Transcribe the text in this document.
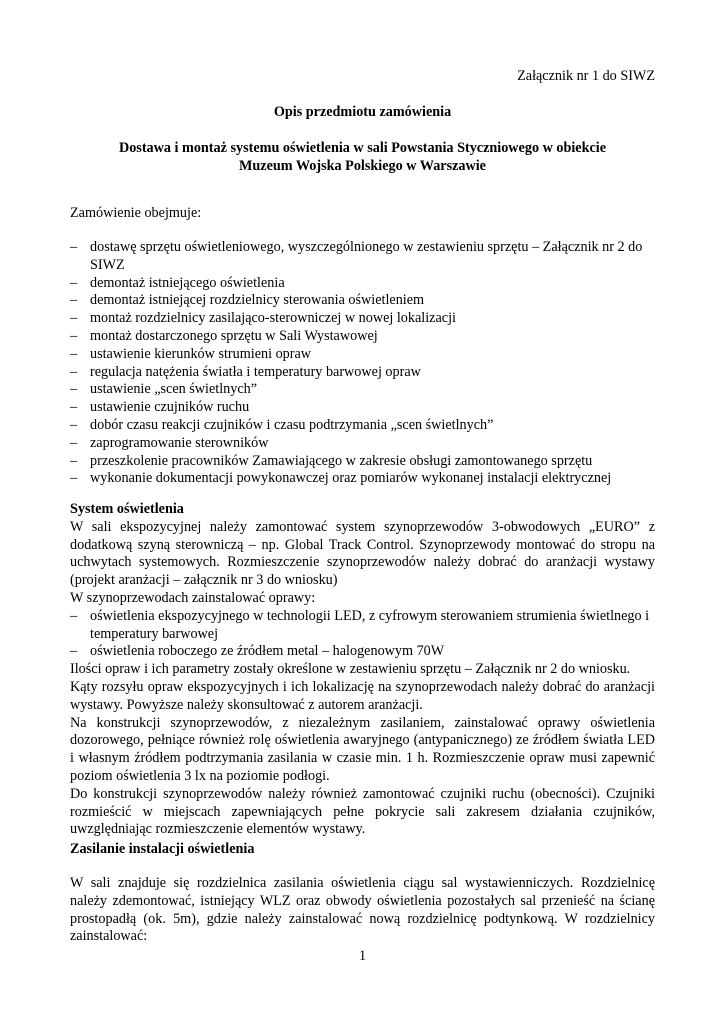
Załącznik nr 1 do SIWZ
Opis przedmiotu zamówienia
Dostawa i montaż systemu oświetlenia w sali Powstania Styczniowego w obiekcie
Muzeum Wojska Polskiego w Warszawie
Zamówienie obejmuje:
– dostawę sprzętu oświetleniowego, wyszczególnionego w zestawieniu sprzętu – Załącznik nr 2 do SIWZ
– demontaż istniejącego oświetlenia
– demontaż istniejącej rozdzielnicy sterowania oświetleniem
– montaż rozdzielnicy zasilająco-sterowniczej w nowej lokalizacji
– montaż dostarczonego sprzętu w Sali Wystawowej
– ustawienie kierunków strumieni opraw
– regulacja natężenia światła i temperatury barwowej opraw
– ustawienie „scen świetlnych”
– ustawienie czujników ruchu
– dobór czasu reakcji czujników i czasu podtrzymania „scen świetlnych”
– zaprogramowanie sterowników
– przeszkolenie pracowników Zamawiającego w zakresie obsługi zamontowanego sprzętu
– wykonanie dokumentacji powykonawczej oraz pomiarów wykonanej instalacji elektrycznej

System oświetlenia

W sali ekspozycyjnej należy zamontować system szynoprzewodów 3-obwodowych „EURO” z dodatkową szyną sterowniczą – np. Global Track Control. Szynoprzewody montować do stropu na uchwytach systemowych. Rozmieszczenie szynoprzewodów należy dobrać do aranżacji wystawy (projekt aranżacji – załącznik nr 3 do wniosku)

W szynoprzewodach zainstalować oprawy:

– oświetlenia ekspozycyjnego w technologii LED, z cyfrowym sterowaniem strumienia świetlnego i temperatury barwowej
– oświetlenia roboczego ze źródłem metal – halogenowym 70W

Ilości opraw i ich parametry zostały określone w zestawieniu sprzętu – Załącznik nr 2 do wniosku.

Kąty rozsyłu opraw ekspozycyjnych i ich lokalizację na szynoprzewodach należy dobrać do aranżacji wystawy. Powyższe należy skonsultować z autorem aranżacji.

Na konstrukcji szynoprzewodów, z niezależnym zasilaniem, zainstalować oprawy oświetlenia dozorowego, pełniące również rolę oświetlenia awaryjnego (antypanicznego) ze źródłem światła LED i własnym źródłem podtrzymania zasilania w czasie min. 1 h. Rozmieszczenie opraw musi zapewnić poziom oświetlenia 3 lx na poziomie podłogi.

Do konstrukcji szynoprzewodów należy również zamontować czujniki ruchu (obecności). Czujniki rozmieścić w miejscach zapewniających pełne pokrycie sali zakresem działania czujników, uwzględniając rozmieszczenie elementów wystawy.

Zasilanie instalacji oświetlenia

W sali znajduje się rozdzielnica zasilania oświetlenia ciągu sal wystawienniczych. Rozdzielnicę należy zdemontować, istniejący WLZ oraz obwody oświetlenia pozostałych sal przenieść na ścianę prostopadłą (ok. 5m), gdzie należy zainstalować nową rozdzielnicę podtynkową. W rozdzielnicy zainstalować:

1
